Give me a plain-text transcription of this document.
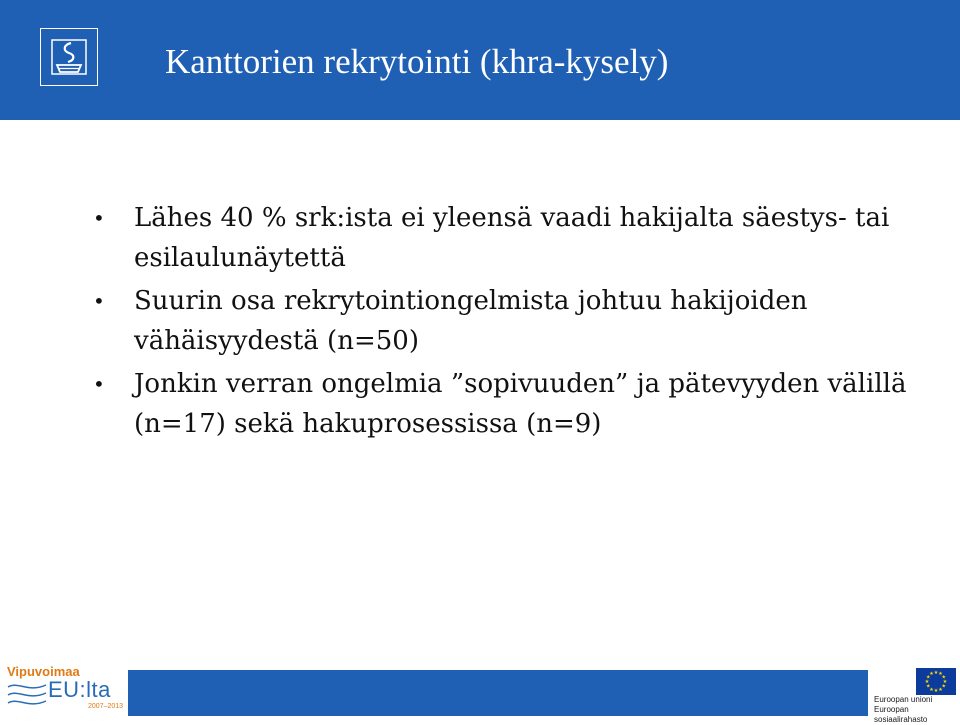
Kanttorien rekrytointi (khra-kysely)
• Lähes 40 % srk:ista ei yleensä vaadi hakijalta säestys- tai esilaulunäytettä
• Suurin osa rekrytointiongelmista johtuu hakijoiden vähäisyydestä (n=50)
• Jonkin verran ongelmia ”sopivuuden” ja pätevyyden välillä (n=17) sekä hakuprosessissa (n=9)
Vipuvoimaa
EU:lta
2007–2013
★ ★
★
★
★
★
★
★
★
★
★
★
Euroopan unioni
Euroopan sosiaalirahasto
